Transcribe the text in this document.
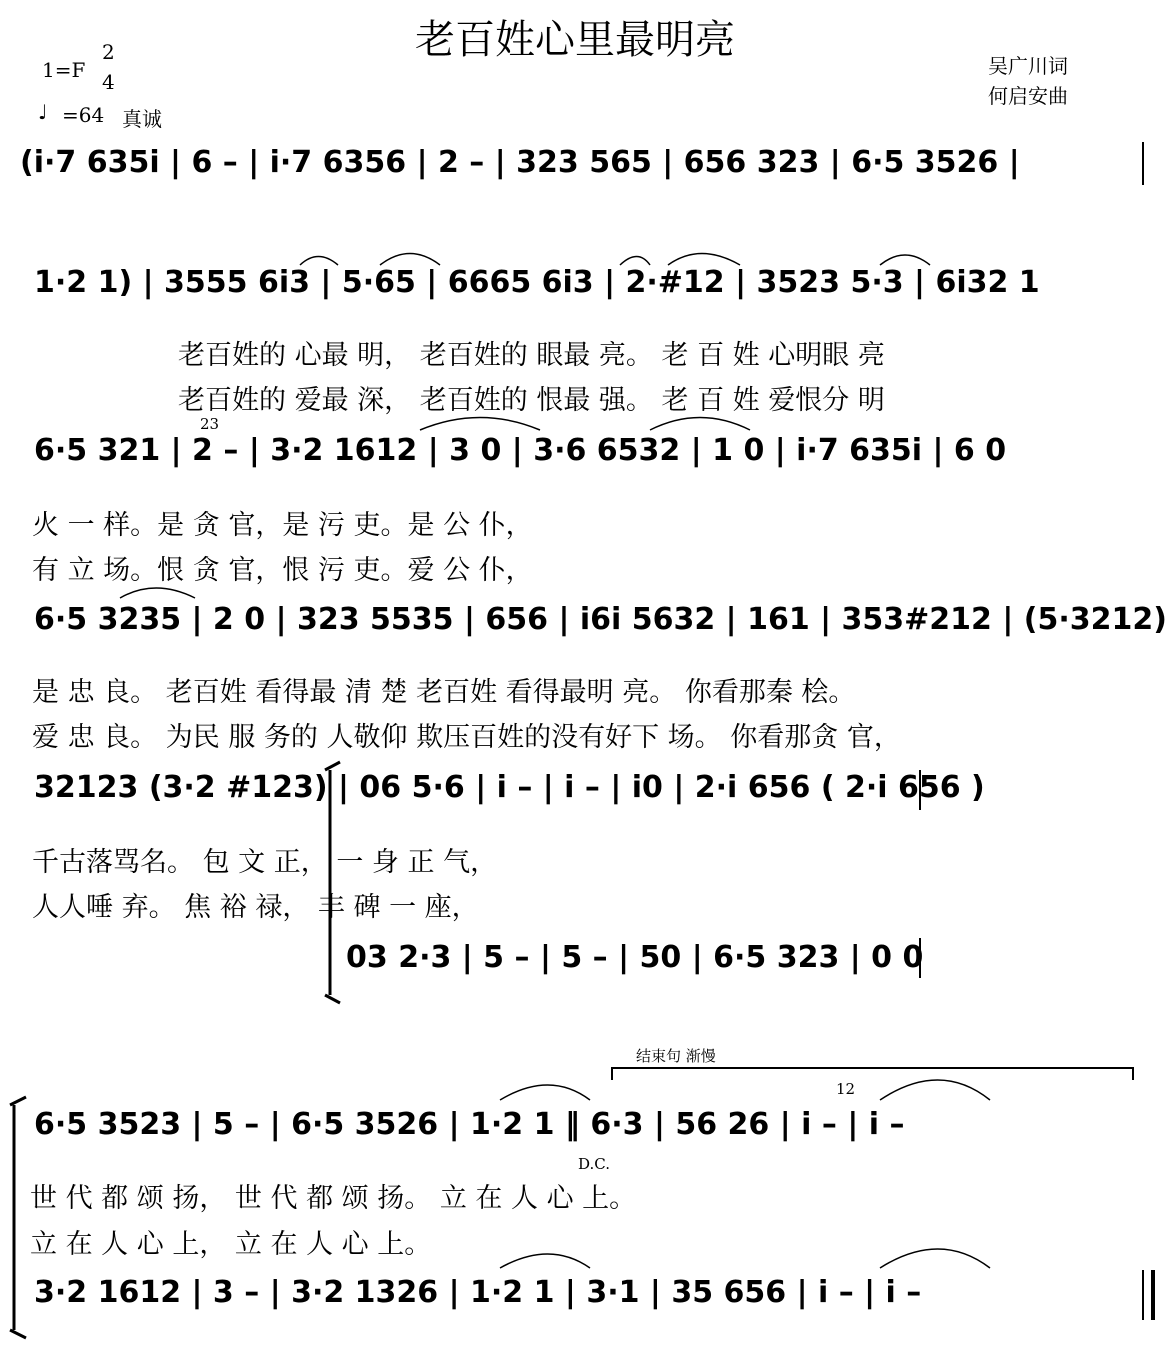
老百姓心里最明亮
1=F
2
4
♩ =64 真诚
吴广川词
何启安曲
(i·7 635i | 6 – | i·7 6356 | 2 – | 323 565 | 656 323 | 6·5 3526 |
1·2 1) | 3555 6i3 | 5·65 | 6665 6i3 | 2·#12 | 3523 5·3 | 6i32 1
老百姓的 心最 明， 老百姓的 眼最 亮。 老 百 姓 心明眼 亮
老百姓的 爱最 深， 老百姓的 恨最 强。 老 百 姓 爱恨分 明
23
6·5 321 | 2 – | 3·2 1612 | 3 0 | 3·6 6532 | 1 0 | i·7 635i | 6 0
火 一 样。是 贪 官，是 污 吏。是 公 仆，
有 立 场。恨 贪 官，恨 污 吏。爱 公 仆，
6·5 3235 | 2 0 | 323 5535 | 656 | i6i 5632 | 161 | 353#212 | (5·3212)
是 忠 良。 老百姓 看得最 清 楚 老百姓 看得最明 亮。 你看那秦 桧。
爱 忠 良。 为民 服 务的 人敬仰 欺压百姓的没有好下 场。 你看那贪 官，
32123 (3·2 #123) | 06 5·6 | i – | i – | i0 | 2·i 656 ( 2·i 656 )
千古落骂名。 包 文 正， 一 身 正 气，
人人唾 弃。 焦 裕 禄， 丰 碑 一 座，
03 2·3 | 5 – | 5 – | 50 | 6·5 323 | 0 0
结束句 渐慢
12
6·5 3523 | 5 – | 6·5 3526 | 1·2 1 ‖ 6·3 | 56 26 | i – | i –
D.C.
世 代 都 颂 扬， 世 代 都 颂 扬。 立 在 人 心 上。
立 在 人 心 上， 立 在 人 心 上。
3·2 1612 | 3 – | 3·2 1326 | 1·2 1 | 3·1 | 35 656 | i – | i –
